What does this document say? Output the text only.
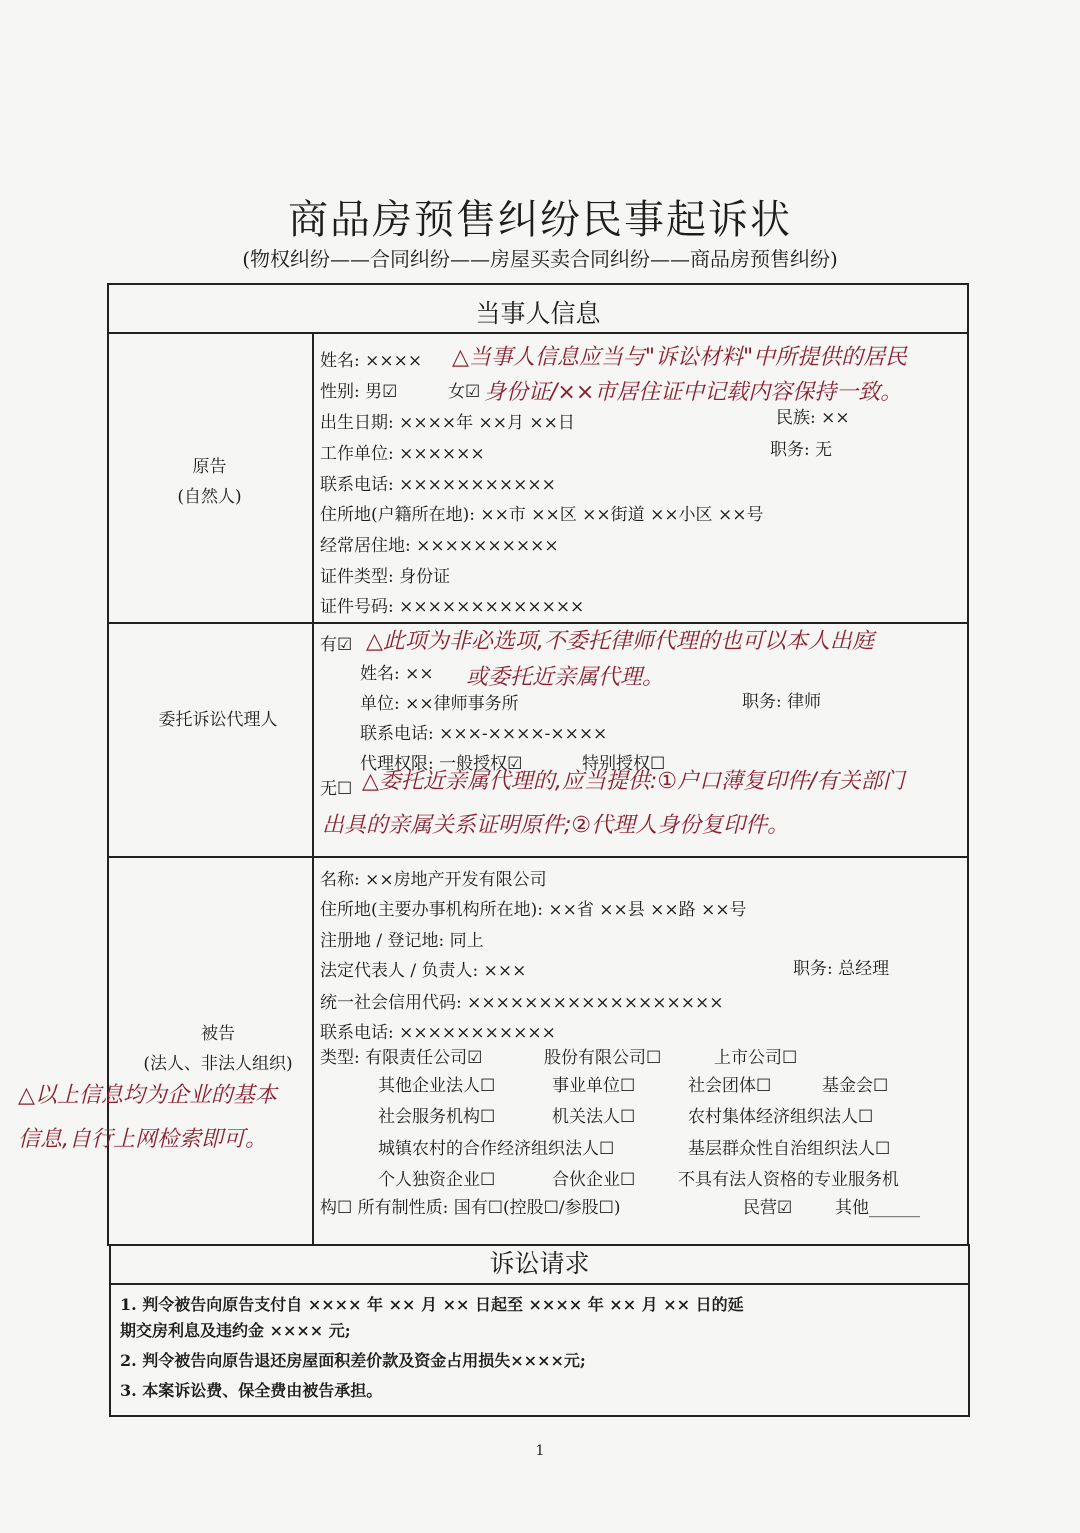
商品房预售纠纷民事起诉状
(物权纠纷——合同纠纷——房屋买卖合同纠纷——商品房预售纠纷)
当事人信息
原告
(自然人)
姓名: ××××
性别: 男☑	女☑
出生日期: ××××年 ××月 ××日	民族: ××
工作单位: ××××××	职务: 无
联系电话: ×××××××××××
住所地(户籍所在地): ××市 ××区 ××街道 ××小区 ××号
经常居住地: ××××××××××
证件类型: 身份证
证件号码: ×××××××××××××
委托诉讼代理人
有☑
姓名: ××
单位: ××律师事务所	职务: 律师
联系电话: ×××-××××-××××
代理权限: 一般授权☑	特别授权☐
无☐
被告
(法人、非法人组织)
名称: ××房地产开发有限公司
住所地(主要办事机构所在地): ××省 ××县 ××路 ××号
注册地 / 登记地: 同上
法定代表人 / 负责人: ×××	职务: 总经理
统一社会信用代码: ××××××××××××××××××
联系电话: ×××××××××××
类型: 有限责任公司☑	股份有限公司☐	上市公司☐
其他企业法人☐	事业单位☐	社会团体☐	基金会☐
社会服务机构☐	机关法人☐	农村集体经济组织法人☐
城镇农村的合作经济组织法人☐	基层群众性自治组织法人☐
个人独资企业☐	合伙企业☐	不具有法人资格的专业服务机
构☐ 所有制性质: 国有☐(控股☐/参股☐)	民营☑	其他______
诉讼请求
1. 判令被告向原告支付自 ×××× 年 ×× 月 ×× 日起至 ×××× 年 ×× 月 ×× 日的延
期交房利息及违约金 ×××× 元;
2. 判令被告向原告退还房屋面积差价款及资金占用损失××××元;
3. 本案诉讼费、保全费由被告承担。
△当事人信息应当与"诉讼材料"中所提供的居民
身份证/××市居住证中记载内容保持一致。
△此项为非必选项,不委托律师代理的也可以本人出庭
或委托近亲属代理。
△委托近亲属代理的,应当提供:①户口薄复印件/有关部门
出具的亲属关系证明原件;②代理人身份复印件。
△以上信息均为企业的基本
信息,自行上网检索即可。
1
